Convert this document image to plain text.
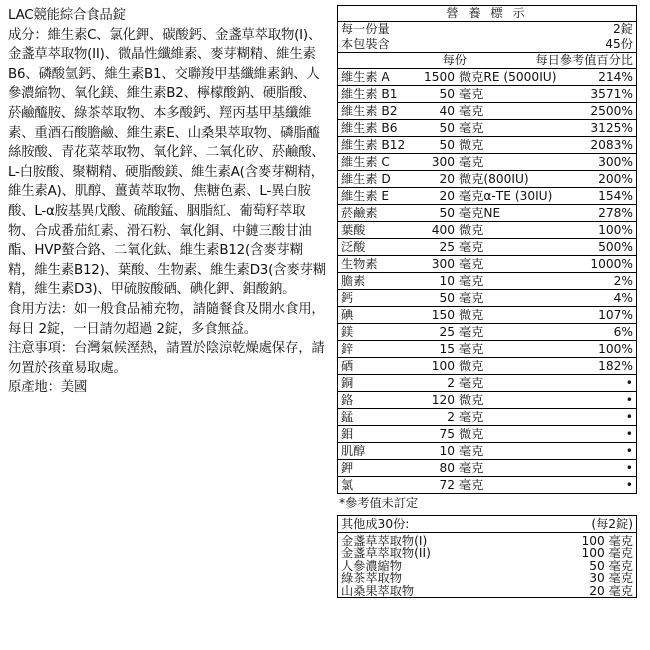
LAC競能綜合食品錠

成分：維生素C、氯化鉀、碳酸鈣、金盞草萃取物(I)、金盞草萃取物(II)、微晶性纖維素、麥芽糊精、維生素B6、磷酸氫鈣、維生素B1、交聯羧甲基纖維素鈉、人參濃縮物、氧化鎂、維生素B2、檸檬酸鈉、硬脂酸、菸鹼醯胺、綠茶萃取物、本多酸鈣、羥丙基甲基纖維素、重酒石酸膽鹼、維生素E、山桑果萃取物、磷脂醯絲胺酸、青花菜萃取物、氧化鋅、二氧化矽、菸鹼酸、L-白胺酸、聚糊精、硬脂酸鎂、維生素A(含麥芽糊精，維生素A)、肌醇、薑黃萃取物、焦糖色素、L-異白胺酸、L-α胺基異戊酸、硫酸錳、胭脂紅、葡萄籽萃取物、合成番茄紅素、滑石粉、氧化銅、中鏈三酸甘油酯、HVP螯合鉻、二氧化鈦、維生素B12(含麥芽糊精，維生素B12)、葉酸、生物素、維生素D3(含麥芽糊精，維生素D3)、甲硫胺酸硒、碘化鉀、鉬酸鈉。

食用方法：如一般食品補充物，請隨餐食及開水食用，每日 2錠，一日請勿超過 2錠，多食無益。

注意事項：台灣氣候溼熱，請置於陰涼乾燥處保存，請勿置於孩童易取處。

原產地：美國

營 養 標 示
每一份量	2錠
本包裝含	45份
每份	每日參考值百分比
維生素 A	1500 微克RE (5000IU)	214%
維生素 B1	50 毫克	3571%
維生素 B2	40 毫克	2500%
維生素 B6	50 毫克	3125%
維生素 B12	50 微克	2083%
維生素 C	300 毫克	300%
維生素 D	20 微克(800IU)	200%
維生素 E	20 毫克α-TE (30IU)	154%
菸鹼素	50 毫克NE	278%
葉酸	400 微克	100%
泛酸	25 毫克	500%
生物素	300 毫克	1000%
膽素	10 毫克	2%
鈣	50 毫克	4%
碘	150 微克	107%
鎂	25 毫克	6%
鋅	15 毫克	100%
硒	100 微克	182%
銅	2 毫克	•
鉻	120 微克	•
錳	2 毫克	•
鉬	75 微克	•
肌醇	10 毫克	•
鉀	80 毫克	•
氯	72 毫克	•
*參考值未訂定
其他成30份:	(每2錠)
金盞草萃取物(I)	100 毫克
金盞草萃取物(II)	100 毫克
人參濃縮物	50 毫克
綠茶萃取物	30 毫克
山桑果萃取物	20 毫克
